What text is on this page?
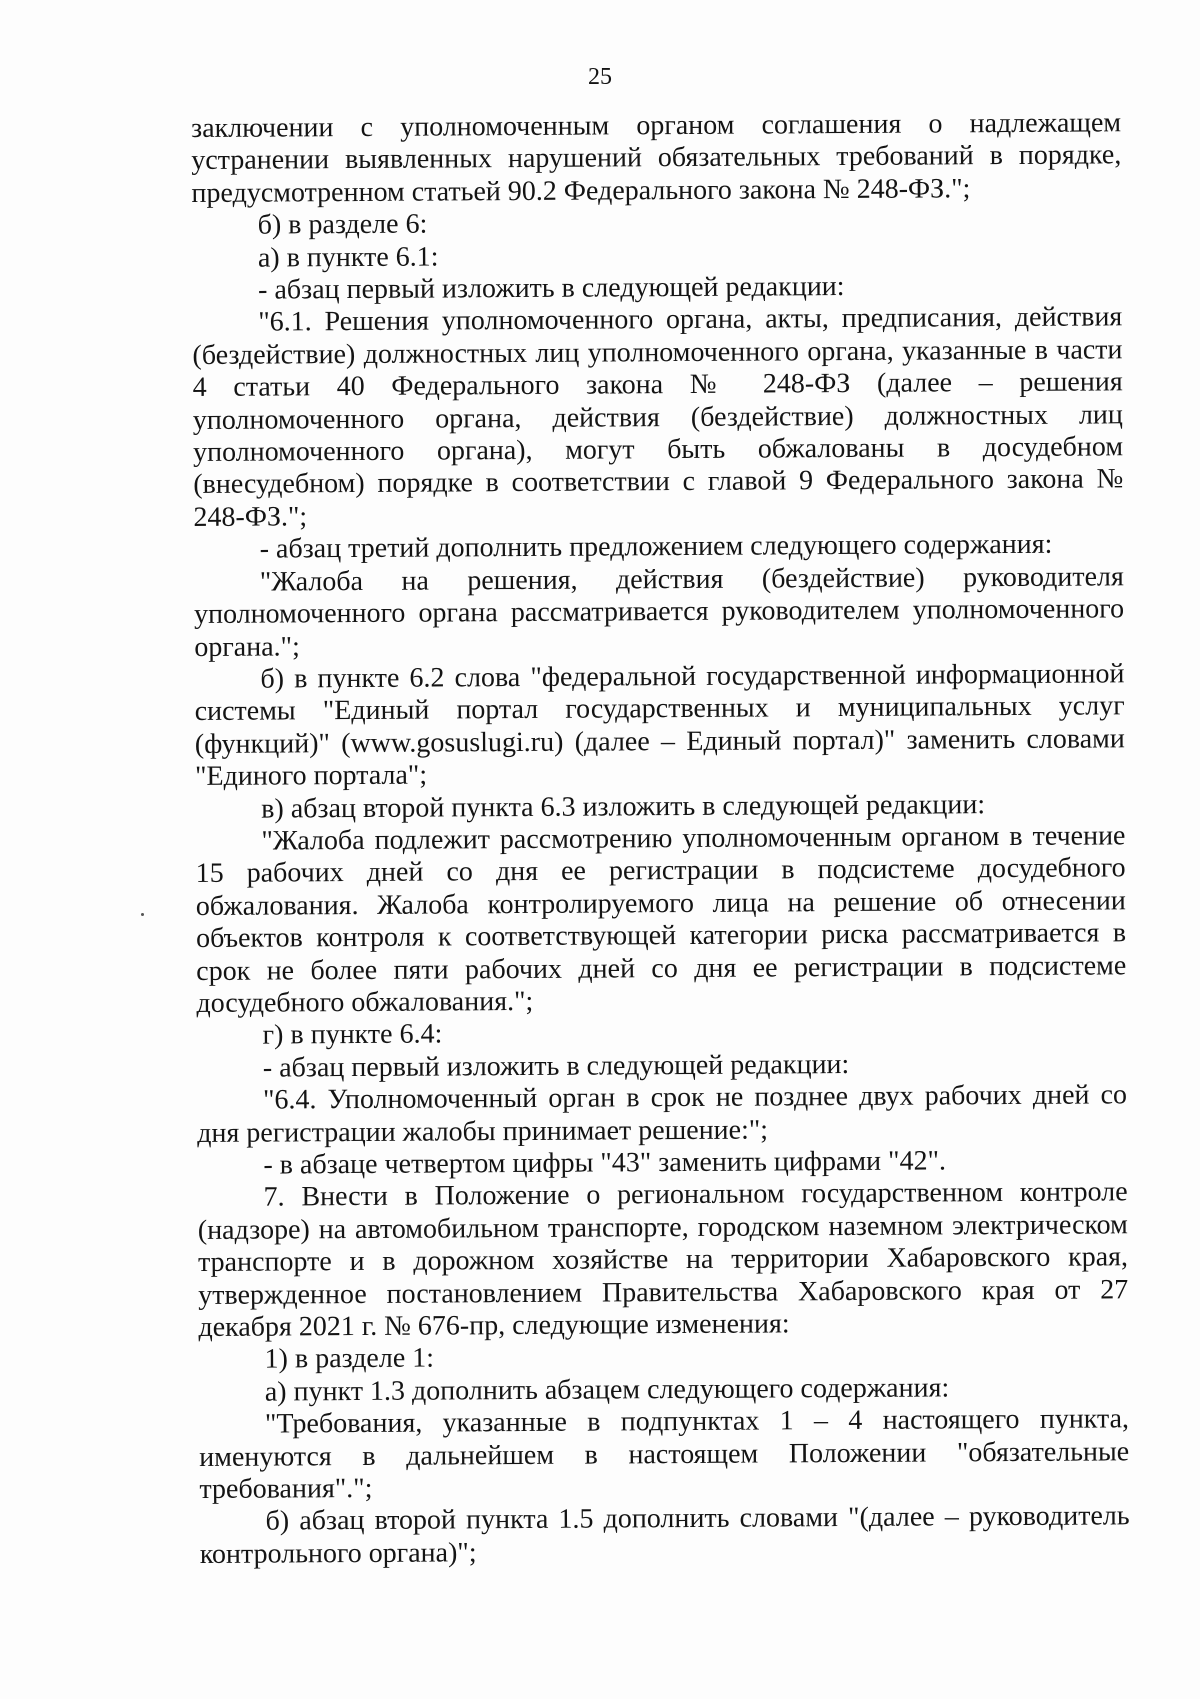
25

заключении с уполномоченным органом соглашения о надлежащем устранении выявленных нарушений обязательных требований в порядке, предусмотренном статьей 90.2 Федерального закона № 248-ФЗ.";

б) в разделе 6:

а) в пункте 6.1:

- абзац первый изложить в следующей редакции:

"6.1. Решения уполномоченного органа, акты, предписания, действия (бездействие) должностных лиц уполномоченного органа, указанные в части 4 статьи 40 Федерального закона № 248-ФЗ (далее – решения уполномоченного органа, действия (бездействие) должностных лиц уполномоченного органа), могут быть обжалованы в досудебном (внесудебном) порядке в соответствии с главой 9 Федерального закона № 248-ФЗ.";

- абзац третий дополнить предложением следующего содержания:

"Жалоба на решения, действия (бездействие) руководителя уполномоченного органа рассматривается руководителем уполномоченного органа.";

б) в пункте 6.2 слова "федеральной государственной информационной системы "Единый портал государственных и муниципальных услуг (функций)" (www.gosuslugi.ru) (далее – Единый портал)" заменить словами "Единого портала";

в) абзац второй пункта 6.3 изложить в следующей редакции:

"Жалоба подлежит рассмотрению уполномоченным органом в течение 15 рабочих дней со дня ее регистрации в подсистеме досудебного обжалования. Жалоба контролируемого лица на решение об отнесении объектов контроля к соответствующей категории риска рассматривается в срок не более пяти рабочих дней со дня ее регистрации в подсистеме досудебного обжалования.";

г) в пункте 6.4:

- абзац первый изложить в следующей редакции:

"6.4. Уполномоченный орган в срок не позднее двух рабочих дней со дня регистрации жалобы принимает решение:";

- в абзаце четвертом цифры "43" заменить цифрами "42".

7. Внести в Положение о региональном государственном контроле (надзоре) на автомобильном транспорте, городском наземном электрическом транспорте и в дорожном хозяйстве на территории Хабаровского края, утвержденное постановлением Правительства Хабаровского края от 27 декабря 2021 г. № 676-пр, следующие изменения:

1) в разделе 1:

а) пункт 1.3 дополнить абзацем следующего содержания:

"Требования, указанные в подпунктах 1 – 4 настоящего пункта, именуются в дальнейшем в настоящем Положении "обязательные требования".";

б) абзац второй пункта 1.5 дополнить словами "(далее – руководитель контрольного органа)";
